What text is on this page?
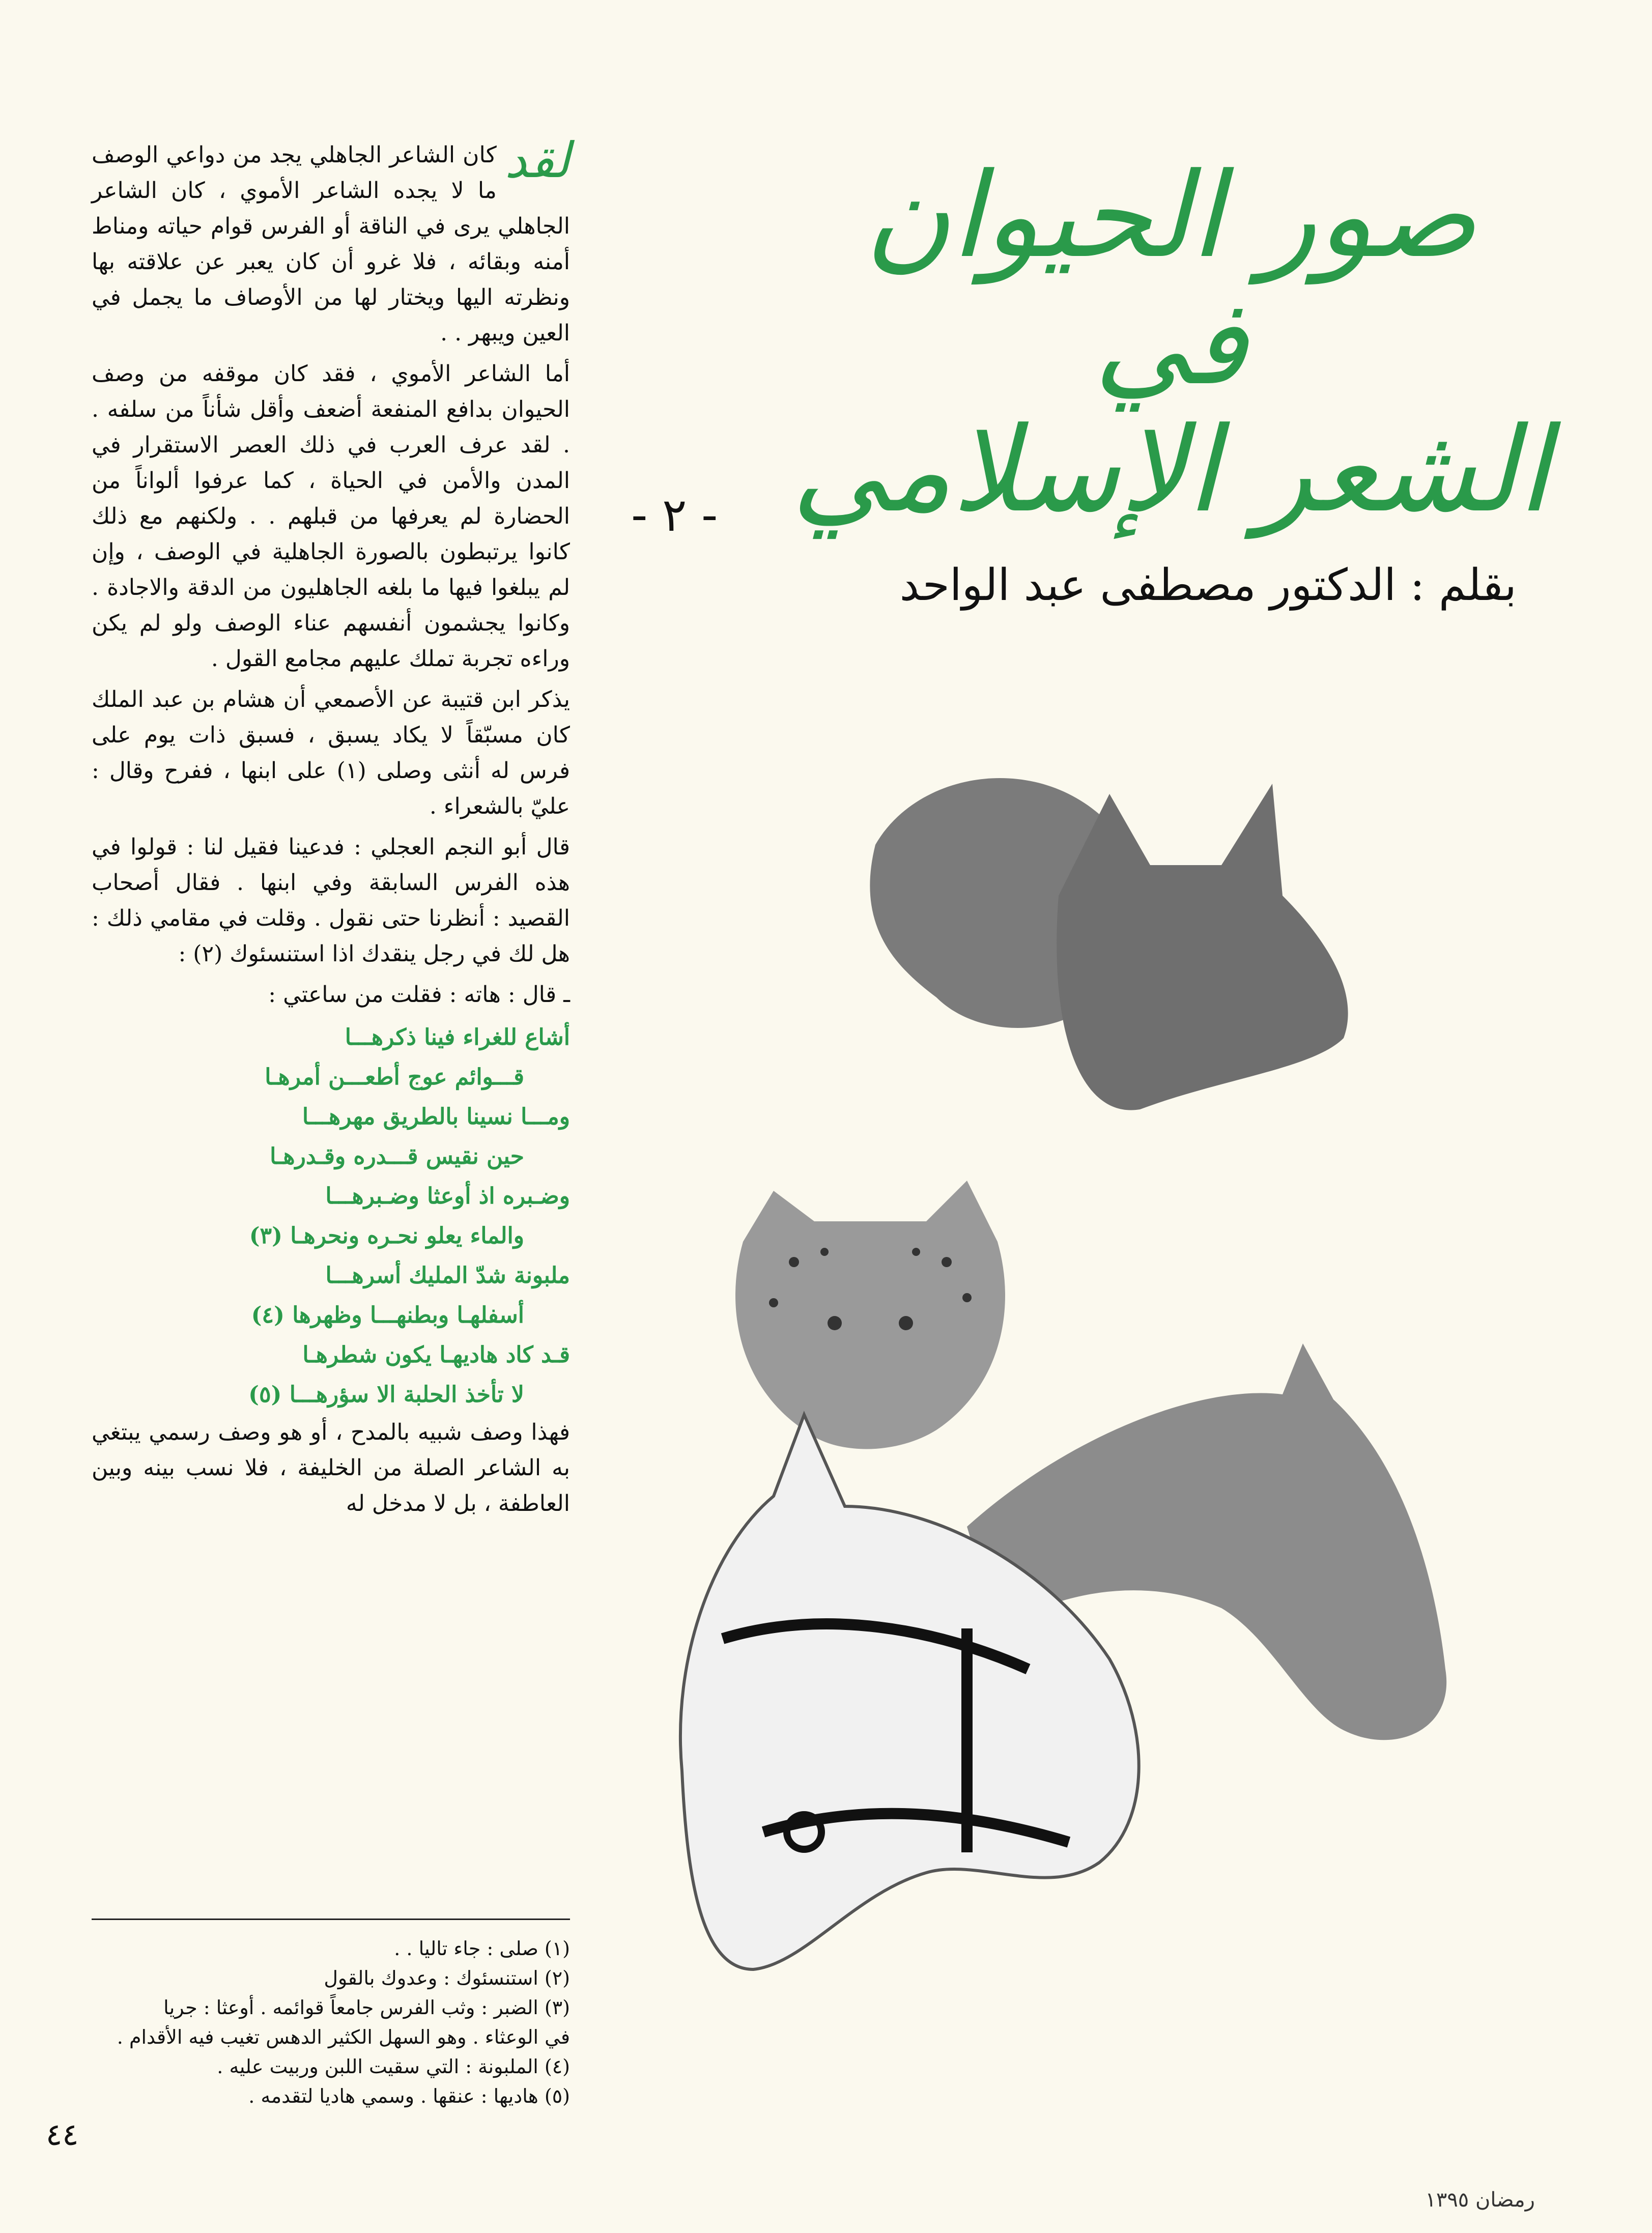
صور الحيوان
في
الشعر الإسلامي
- ٢ -
بقلم : الدكتور مصطفى عبد الواحد

لقد
كان الشاعر الجاهلي يجد من دواعي الوصف ما لا يجده الشاعر الأموي ، كان الشاعر الجاهلي يرى في الناقة أو الفرس قوام حياته ومناط أمنه وبقائه ، فلا غرو أن كان يعبر عن علاقته بها ونظرته اليها ويختار لها من الأوصاف ما يجمل في العين ويبهر . .

أما الشاعر الأموي ، فقد كان موقفه من وصف الحيوان بدافع المنفعة أضعف وأقل شأناً من سلفه . . لقد عرف العرب في ذلك العصر الاستقرار في المدن والأمن في الحياة ، كما عرفوا ألواناً من الحضارة لم يعرفها من قبلهم . . ولكنهم مع ذلك كانوا يرتبطون بالصورة الجاهلية في الوصف ، وإن لم يبلغوا فيها ما بلغه الجاهليون من الدقة والاجادة . وكانوا يجشمون أنفسهم عناء الوصف ولو لم يكن وراءه تجربة تملك عليهم مجامع القول .

يذكر ابن قتيبة عن الأصمعي أن هشام بن عبد الملك كان مسبّقاً لا يكاد يسبق ، فسبق ذات يوم على فرس له أنثى وصلى (١) على ابنها ، ففرح وقال : عليّ بالشعراء .

قال أبو النجم العجلي : فدعينا فقيل لنا : قولوا في هذه الفرس السابقة وفي ابنها . فقال أصحاب القصيد : أنظرنا حتى نقول . وقلت في مقامي ذلك : هل لك في رجل ينقدك اذا استنسئوك (٢) :

ـ قال : هاته : فقلت من ساعتي :

أشاع للغراء فينا ذكرهـــا
قـــوائم عوج أطعـــن أمرهـا
ومـــا نسينا بالطريق مهرهـــا
حين نقيس قـــدره وقـدرهـا
وضـبره اذ أوعثا وضـبرهـــا
والماء يعلو نحـره ونحرهـا (٣)
ملبونة شدّ المليك أسرهـــا
أسفلهـا وبطنهـــا وظهرها (٤)
قـد كاد هاديهـا يكون شطرهـا
لا تأخذ الحلبة الا سؤرهـــا (٥)

فهذا وصف شبيه بالمدح ، أو هو وصف رسمي يبتغي به الشاعر الصلة من الخليفة ، فلا نسب بينه وبين العاطفة ، بل لا مدخل له

(١) صلى : جاء تاليا . .
(٢) استنسئوك : وعدوك بالقول
(٣) الضبر : وثب الفرس جامعاً قوائمه . أوعثا : جريا
في الوعثاء . وهو السهل الكثير الدهس تغيب فيه الأقدام .
(٤) الملبونة : التي سقيت اللبن وربيت عليه .
(٥) هاديها : عنقها . وسمي هاديا لتقدمه .
٤٤
رمضان ١٣٩٥
